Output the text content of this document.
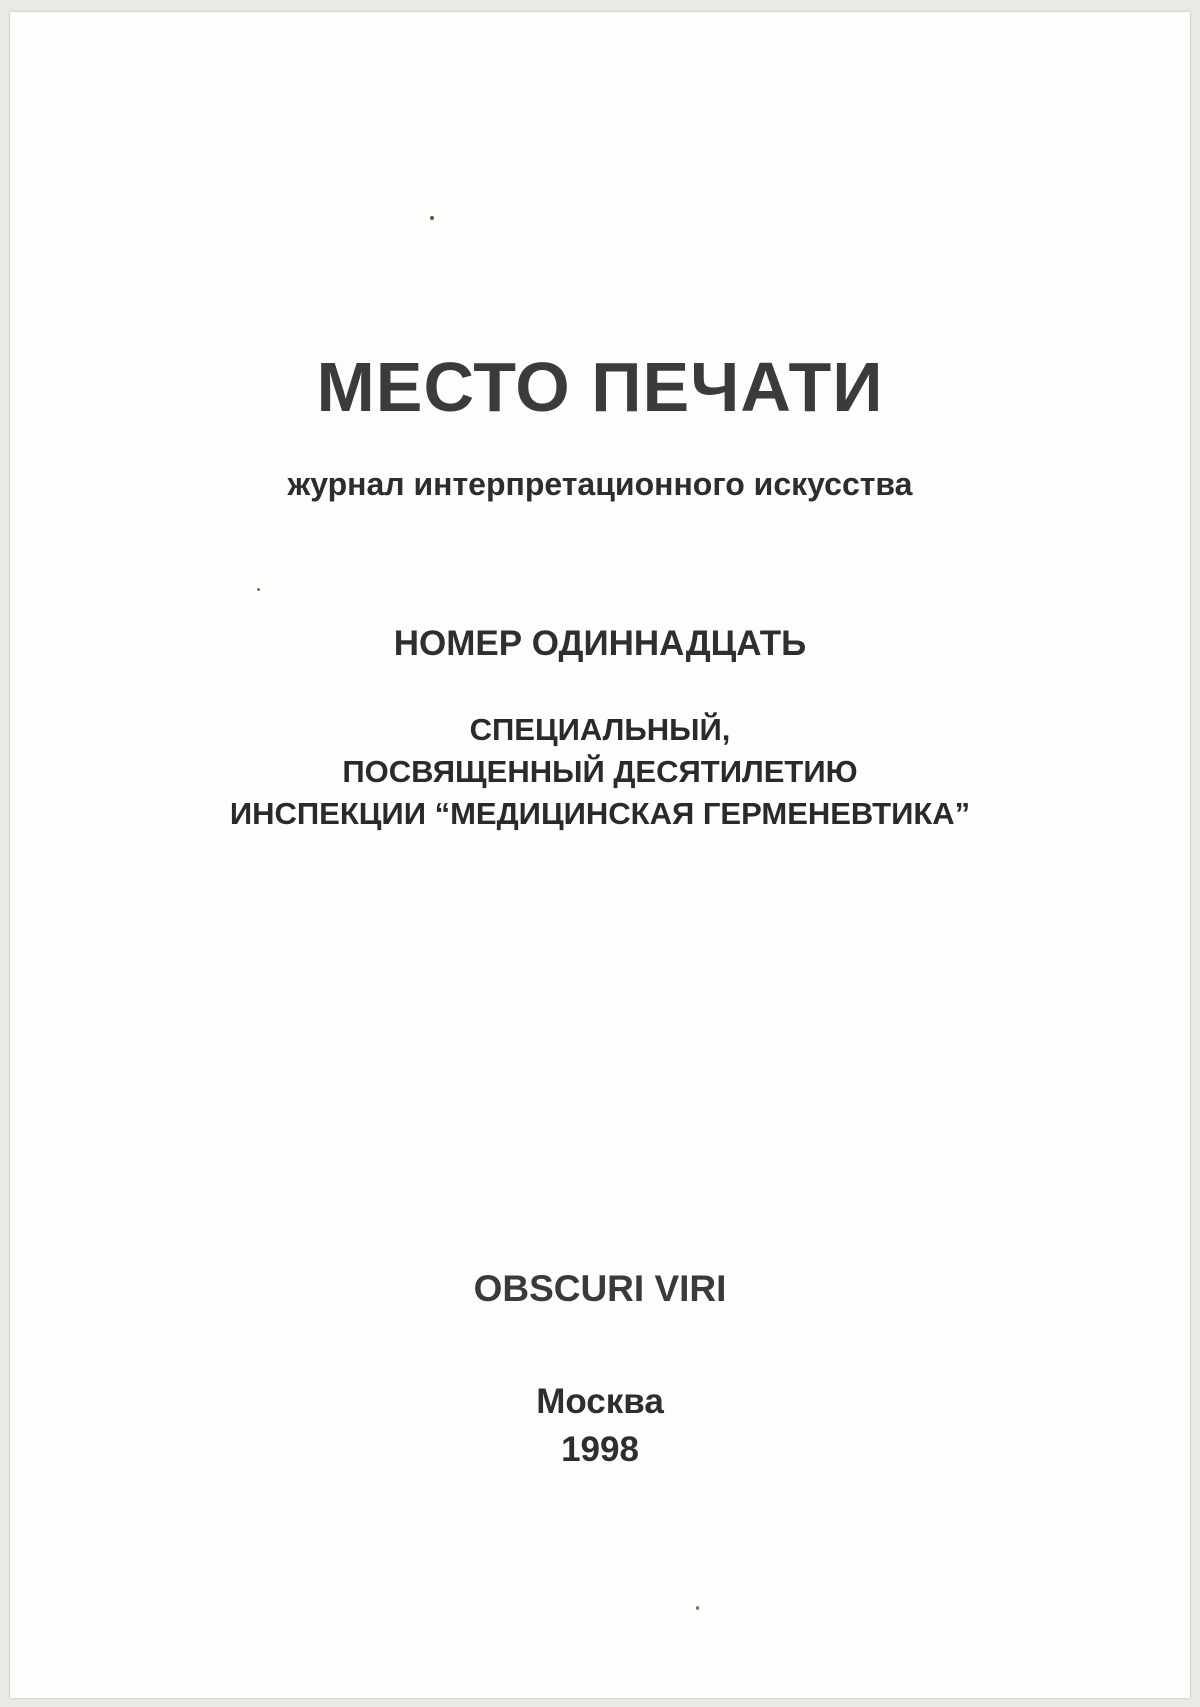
МЕСТО ПЕЧАТИ
журнал интерпретационного искусства
НОМЕР ОДИННАДЦАТЬ
СПЕЦИАЛЬНЫЙ,
ПОСВЯЩЕННЫЙ ДЕСЯТИЛЕТИЮ
ИНСПЕКЦИИ “МЕДИЦИНСКАЯ ГЕРМЕНЕВТИКА”
OBSCURI VIRI
Москва
1998
